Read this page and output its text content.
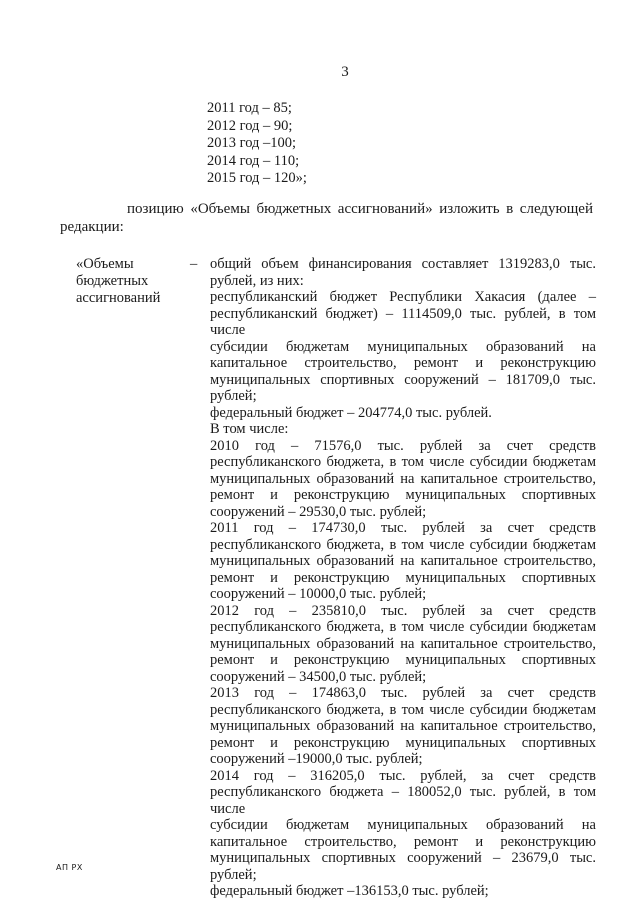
3
2011 год – 85;
2012 год – 90;
2013 год –100;
2014 год – 110;
2015 год – 120»;

позицию «Объемы бюджетных ассигнований» изложить в следующей

редакции:

«Объемы
бюджетных
ассигнований
– общий объем финансирования составляет 1319283,0 тыс.

рублей, из них:

республиканский бюджет Республики Хакасия (далее –

республиканский бюджет) – 1114509,0 тыс. рублей, в том числе

субсидии бюджетам муниципальных образований на

капитальное строительство, ремонт и реконструкцию

муниципальных спортивных сооружений – 181709,0 тыс.

рублей;

федеральный бюджет – 204774,0 тыс. рублей.

В том числе:

2010 год – 71576,0 тыс. рублей за счет средств

республиканского бюджета, в том числе субсидии бюджетам

муниципальных образований на капитальное строительство,

ремонт и реконструкцию муниципальных спортивных

сооружений – 29530,0 тыс. рублей;

2011 год – 174730,0 тыс. рублей за счет средств

республиканского бюджета, в том числе субсидии бюджетам

муниципальных образований на капитальное строительство,

ремонт и реконструкцию муниципальных спортивных

сооружений – 10000,0 тыс. рублей;

2012 год – 235810,0 тыс. рублей за счет средств

республиканского бюджета, в том числе субсидии бюджетам

муниципальных образований на капитальное строительство,

ремонт и реконструкцию муниципальных спортивных

сооружений – 34500,0 тыс. рублей;

2013 год – 174863,0 тыс. рублей за счет средств

республиканского бюджета, в том числе субсидии бюджетам

муниципальных образований на капитальное строительство,

ремонт и реконструкцию муниципальных спортивных

сооружений –19000,0 тыс. рублей;

2014 год – 316205,0 тыс. рублей, за счет средств

республиканского бюджета – 180052,0 тыс. рублей, в том числе

субсидии бюджетам муниципальных образований на

капитальное строительство, ремонт и реконструкцию

муниципальных спортивных сооружений – 23679,0 тыс. рублей;

федеральный бюджет –136153,0 тыс. рублей;

АП РХ
